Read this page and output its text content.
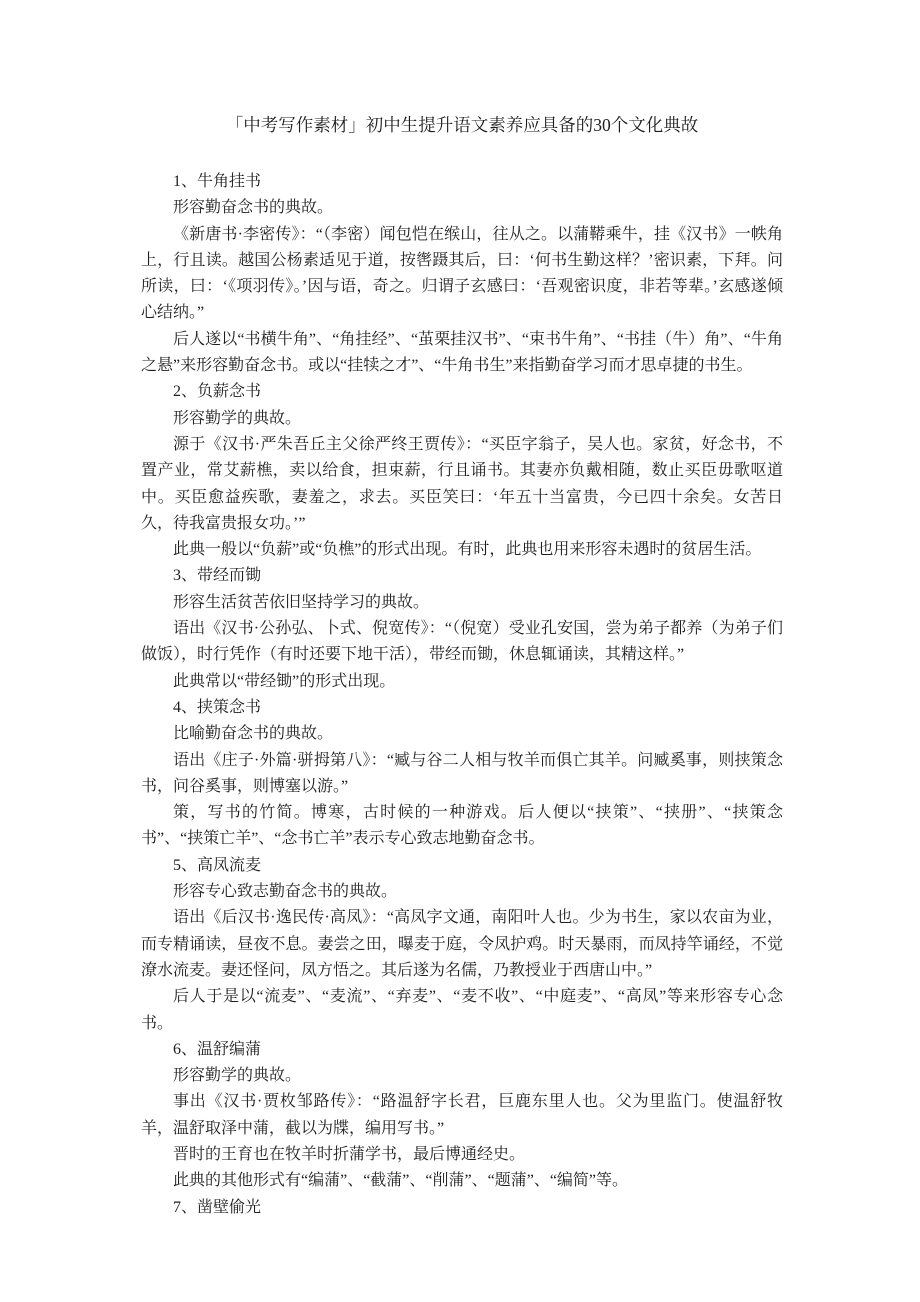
「中考写作素材」初中生提升语文素养应具备的30个文化典故

1、牛角挂书

形容勤奋念书的典故。

《新唐书·李密传》：“（李密）闻包恺在缑山，往从之。以蒲鞯乘牛，挂《汉书》一帙角上，行且读。越国公杨素适见于道，按辔蹑其后，曰：‘何书生勤这样？’密识素，下拜。问所读，曰：‘《项羽传》。’因与语，奇之。归谓子玄感曰：‘吾观密识度，非若等辈。’玄感遂倾心结纳。”

后人遂以“书横牛角”、“角挂经”、“茧栗挂汉书”、“束书牛角”、“书挂（牛）角”、“牛角之悬”来形容勤奋念书。或以“挂犊之才”、“牛角书生”来指勤奋学习而才思卓捷的书生。

2、负薪念书

形容勤学的典故。

源于《汉书·严朱吾丘主父徐严终王贾传》：“买臣字翁子，吴人也。家贫，好念书，不置产业，常艾薪樵，卖以给食，担束薪，行且诵书。其妻亦负戴相随，数止买臣毋歌呕道中。买臣愈益疾歌，妻羞之，求去。买臣笑曰：‘年五十当富贵，今已四十余矣。女苦日久，待我富贵报女功。’”

此典一般以“负薪”或“负樵”的形式出现。有时，此典也用来形容未遇时的贫居生活。

3、带经而锄

形容生活贫苦依旧坚持学习的典故。

语出《汉书·公孙弘、卜式、倪宽传》：“（倪宽）受业孔安国，尝为弟子都养（为弟子们做饭），时行凭作（有时还要下地干活），带经而锄，休息辄诵读，其精这样。”

此典常以“带经锄”的形式出现。

4、挟策念书

比喻勤奋念书的典故。

语出《庄子·外篇·骈拇第八》：“臧与谷二人相与牧羊而俱亡其羊。问臧奚事，则挟策念书，问谷奚事，则博塞以游。”

策，写书的竹简。博寒，古时候的一种游戏。后人便以“挟策”、“挟册”、“挟策念书”、“挟策亡羊”、“念书亡羊”表示专心致志地勤奋念书。

5、高凤流麦

形容专心致志勤奋念书的典故。

语出《后汉书·逸民传·高凤》：“高凤字文通，南阳叶人也。少为书生，家以农亩为业，而专精诵读，昼夜不息。妻尝之田，曝麦于庭，令凤护鸡。时天暴雨，而凤持竿诵经，不觉潦水流麦。妻还怪问，凤方悟之。其后遂为名儒，乃教授业于西唐山中。”

后人于是以“流麦”、“麦流”、“弃麦”、“麦不收”、“中庭麦”、“高凤”等来形容专心念书。

6、温舒编蒲

形容勤学的典故。

事出《汉书·贾枚邹路传》：“路温舒字长君，巨鹿东里人也。父为里监门。使温舒牧羊，温舒取泽中蒲，截以为牒，编用写书。”

晋时的王育也在牧羊时折蒲学书，最后博通经史。

此典的其他形式有“编蒲”、“截蒲”、“削蒲”、“题蒲”、“编简”等。

7、凿壁偷光
